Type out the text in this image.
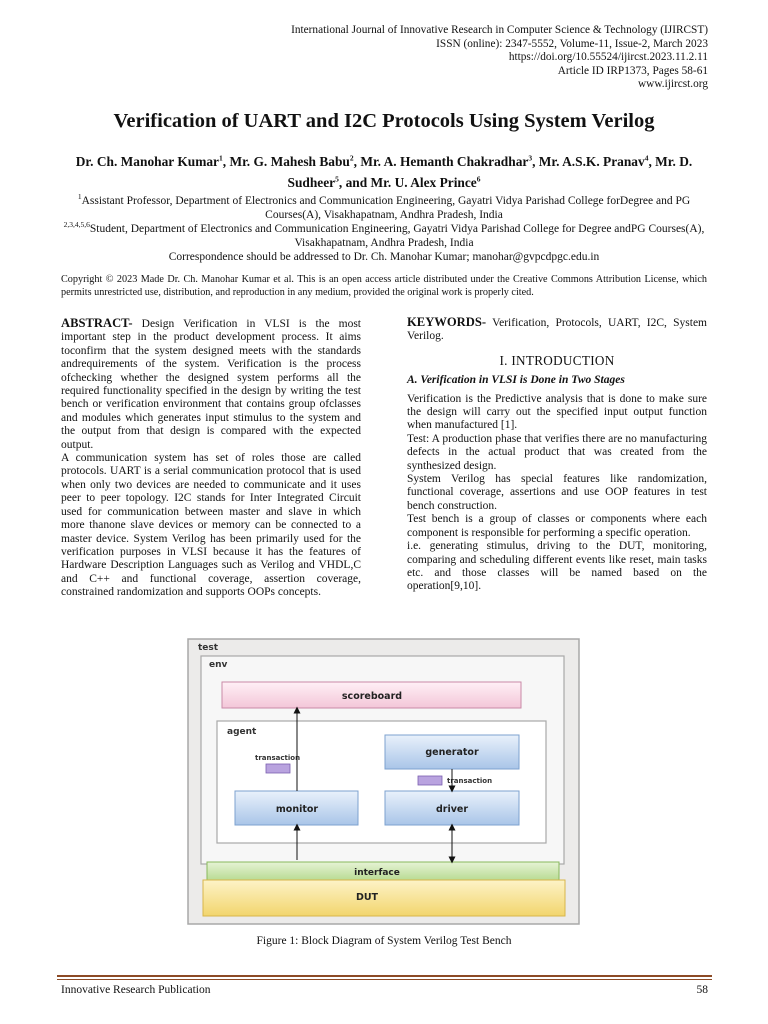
International Journal of Innovative Research in Computer Science & Technology (IJIRCST)
ISSN (online): 2347-5552, Volume-11, Issue-2, March 2023
https://doi.org/10.55524/ijircst.2023.11.2.11
Article ID IRP1373, Pages 58-61
www.ijircst.org
Verification of UART and I2C Protocols Using System Verilog
Dr. Ch. Manohar Kumar$^1$, Mr. G. Mahesh Babu$^2$, Mr. A. Hemanth Chakradhar$^3$, Mr. A.S.K. Pranav$^4$, Mr. D. Sudheer$^5$, and Mr. U. Alex Prince$^6$
$^1$Assistant Professor, Department of Electronics and Communication Engineering, Gayatri Vidya Parishad College forDegree and PG Courses(A), Visakhapatnam, Andhra Pradesh, India
$^{2,3,4,5,6}$Student, Department of Electronics and Communication Engineering, Gayatri Vidya Parishad College for Degree andPG Courses(A), Visakhapatnam, Andhra Pradesh, India
Correspondence should be addressed to Dr. Ch. Manohar Kumar; manohar@gvpcdpgc.edu.in
Copyright © 2023 Made Dr. Ch. Manohar Kumar et al. This is an open access article distributed under the Creative Commons Attribution License, which permits unrestricted use, distribution, and reproduction in any medium, provided the original work is properly cited.

ABSTRACT- Design Verification in VLSI is the most important step in the product development process. It aims toconfirm that the system designed meets with the standards andrequirements of the system. Verification is the process ofchecking whether the designed system performs all the required functionality specified in the design by writing the test bench or verification environment that contains group ofclasses and modules which generates input stimulus to the system and the output from that design is compared with the expected output.

A communication system has set of roles those are called protocols. UART is a serial communication protocol that is used when only two devices are needed to communicate and it uses peer to peer topology. I2C stands for Inter Integrated Circuit used for communication between master and slave in which more thanone slave devices or memory can be connected to a master device. System Verilog has been primarily used for the verification purposes in VLSI because it has the features of Hardware Description Languages such as Verilog and VHDL,C and C++ and functional coverage, assertion coverage, constrained randomization and supports OOPs concepts.

KEYWORDS- Verification, Protocols, UART, I2C, System Verilog.

I. INTRODUCTION

A. Verification in VLSI is Done in Two Stages

Verification is the Predictive analysis that is done to make sure the design will carry out the specified input output function when manufactured [1].

Test: A production phase that verifies there are no manufacturing defects in the actual product that was created from the synthesized design.

System Verilog has special features like randomization, functional coverage, assertions and use OOP features in test bench construction.

Test bench is a group of classes or components where each component is responsible for performing a specific operation.

i.e. generating stimulus, driving to the DUT, monitoring, comparing and scheduling different events like reset, main tasks etc. and those classes will be named based on the operation[9,10].

test
env
scoreboard
agent
generator
transaction
transaction
monitor	driver
interface
DUT
Figure 1: Block Diagram of System Verilog Test Bench
Innovative Research Publication	58
